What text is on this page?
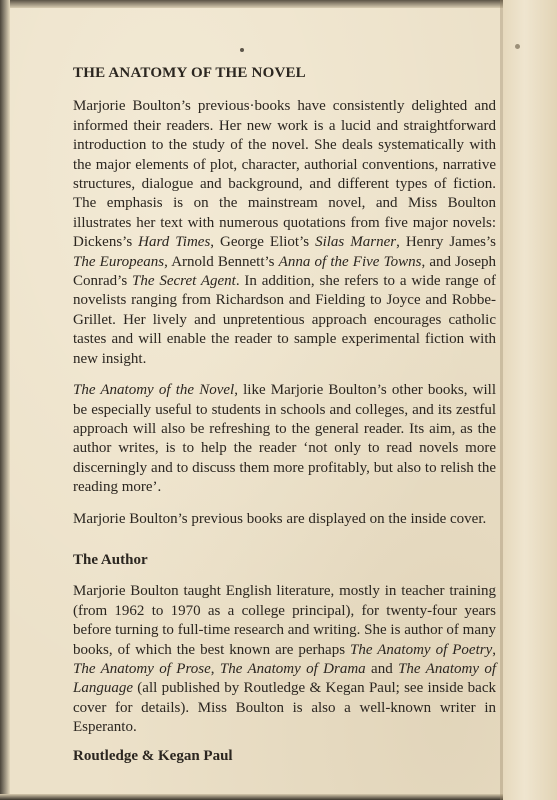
THE ANATOMY OF THE NOVEL

Marjorie Boulton’s previous·books have consistently delighted and informed their readers. Her new work is a lucid and straightforward introduction to the study of the novel. She deals systematically with the major elements of plot, character, authorial conventions, narrative structures, dialogue and background, and different types of fiction. The emphasis is on the mainstream novel, and Miss Boulton illustrates her text with numerous quotations from five major novels: Dickens’s Hard Times, George Eliot’s Silas Marner, Henry James’s The Europeans, Arnold Bennett’s Anna of the Five Towns, and Joseph Conrad’s The Secret Agent. In addition, she refers to a wide range of novelists ranging from Richardson and Fielding to Joyce and Robbe-Grillet. Her lively and unpretentious approach encourages catholic tastes and will enable the reader to sample experimental fiction with new insight.

The Anatomy of the Novel, like Marjorie Boulton’s other books, will be especially useful to students in schools and colleges, and its zestful approach will also be refreshing to the general reader. Its aim, as the author writes, is to help the reader ‘not only to read novels more discerningly and to discuss them more profitably, but also to relish the reading more’.

Marjorie Boulton’s previous books are displayed on the inside cover.

The Author

Marjorie Boulton taught English literature, mostly in teacher training (from 1962 to 1970 as a college principal), for twenty-four years before turning to full-time research and writing. She is author of many books, of which the best known are perhaps The Anatomy of Poetry, The Anatomy of Prose, The Anatomy of Drama and The Anatomy of Language (all published by Routledge & Kegan Paul; see inside back cover for details). Miss Boulton is also a well-known writer in Esperanto.

Routledge & Kegan Paul
